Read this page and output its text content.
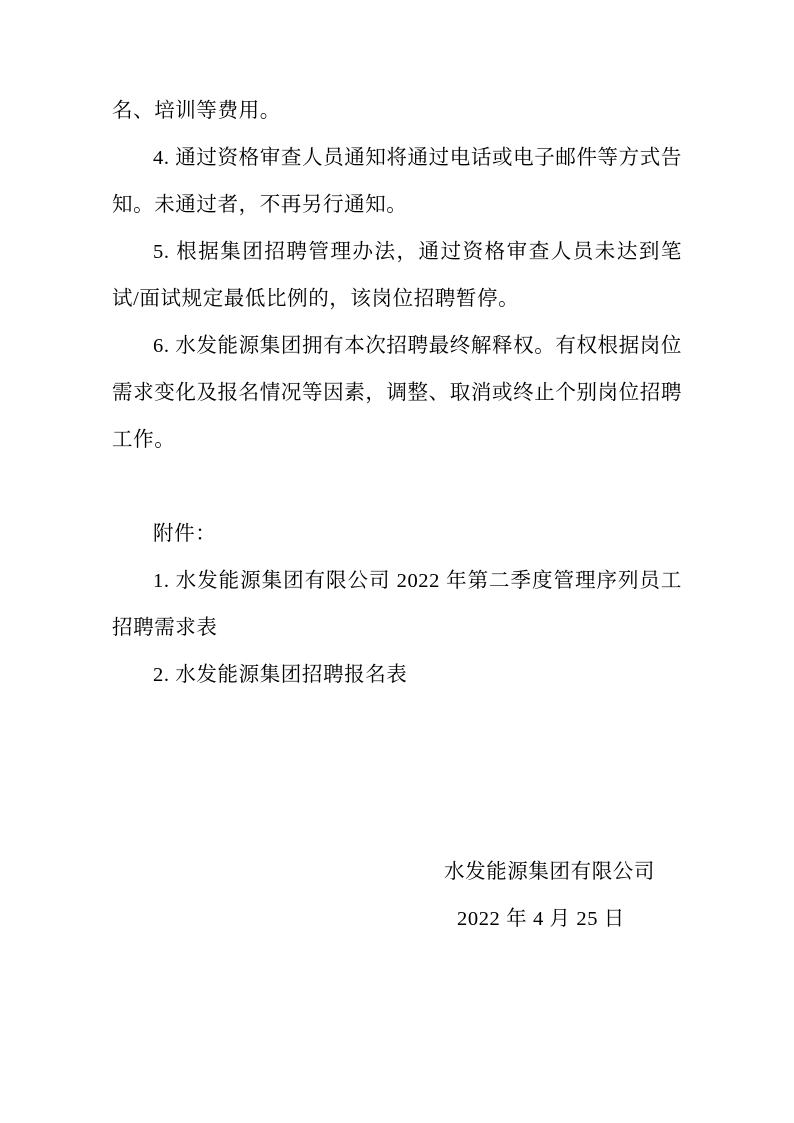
名、培训等费用。

4. 通过资格审查人员通知将通过电话或电子邮件等方式告知。未通过者，不再另行通知。

5. 根据集团招聘管理办法，通过资格审查人员未达到笔试/面试规定最低比例的，该岗位招聘暂停。

6. 水发能源集团拥有本次招聘最终解释权。有权根据岗位需求变化及报名情况等因素，调整、取消或终止个别岗位招聘工作。

附件：

1. 水发能源集团有限公司 2022 年第二季度管理序列员工招聘需求表

2. 水发能源集团招聘报名表

水发能源集团有限公司
2022 年 4 月 25 日
